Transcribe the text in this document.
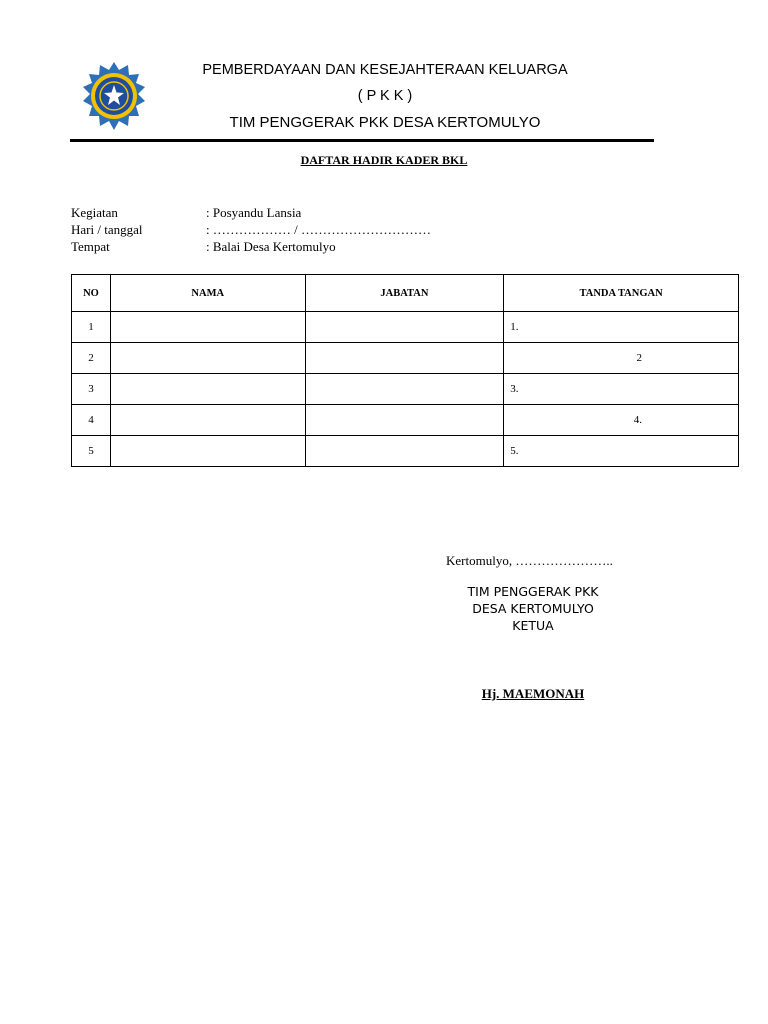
PEMBERDAYAAN DAN KESEJAHTERAAN KELUARGA
( P K K )
TIM PENGGERAK PKK DESA KERTOMULYO
DAFTAR HADIR KADER BKL
Kegiatan	: Posyandu Lansia
Hari / tanggal	: ……………… / …………………………
Tempat	: Balai Desa Kertomulyo
NO	NAMA	JABATAN	TANDA TANGAN
1			1.
2			2
3			3.
4			4.
5			5.
Kertomulyo, …………………..
TIM PENGGERAK PKK
DESA KERTOMULYO
KETUA
Hj. MAEMONAH
